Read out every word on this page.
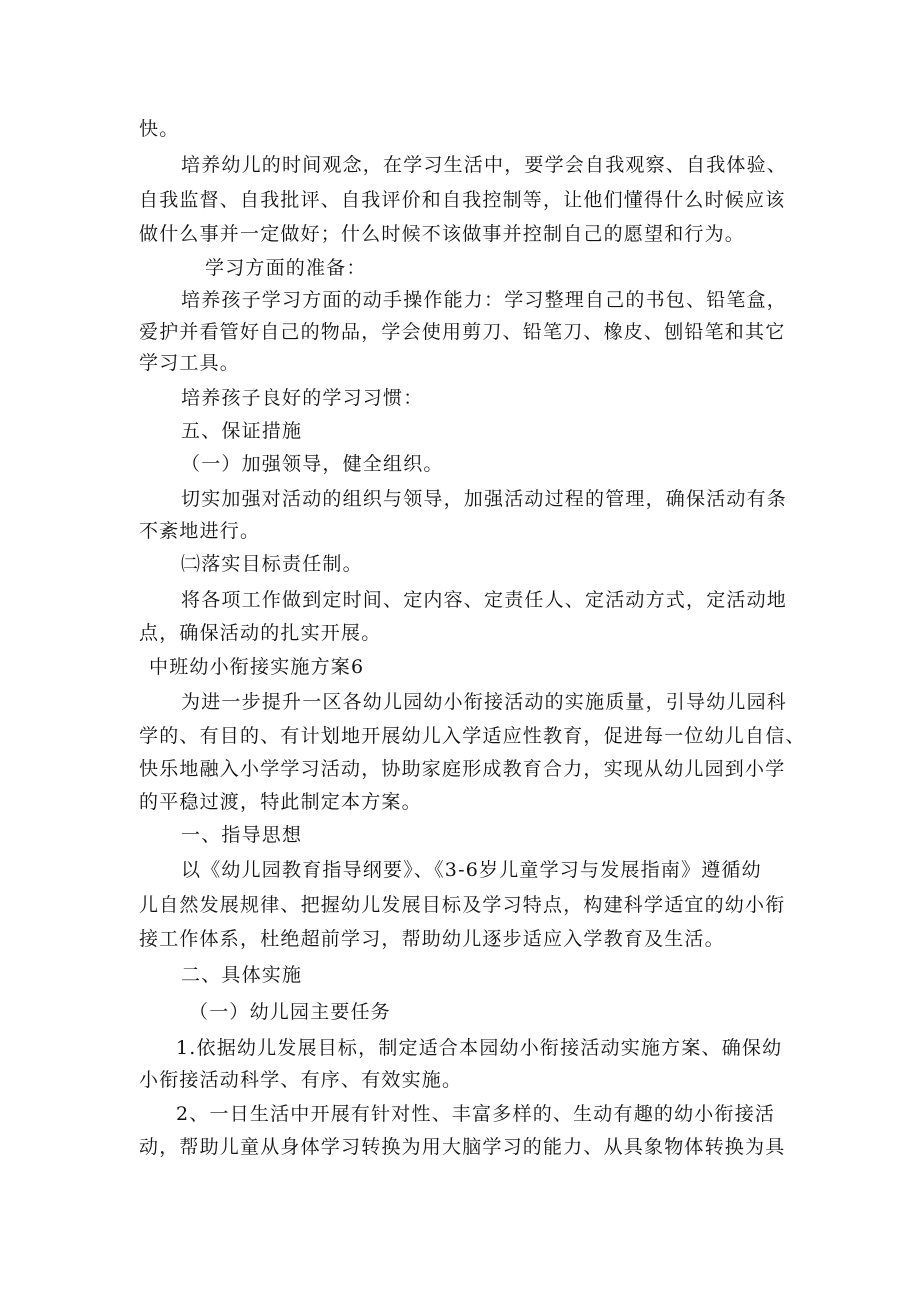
快。
培养幼儿的时间观念，在学习生活中，要学会自我观察、自我体验、
自我监督、自我批评、自我评价和自我控制等，让他们懂得什么时候应该
做什么事并一定做好；什么时候不该做事并控制自己的愿望和行为。
学习方面的准备：
培养孩子学习方面的动手操作能力：学习整理自己的书包、铅笔盒，
爱护并看管好自己的物品，学会使用剪刀、铅笔刀、橡皮、刨铅笔和其它
学习工具。
培养孩子良好的学习习惯：
五、保证措施
（一）加强领导，健全组织。
切实加强对活动的组织与领导，加强活动过程的管理，确保活动有条
不紊地进行。
㈡落实目标责任制。
将各项工作做到定时间、定内容、定责任人、定活动方式，定活动地
点，确保活动的扎实开展。
中班幼小衔接实施方案6
为进一步提升一区各幼儿园幼小衔接活动的实施质量，引导幼儿园科
学的、有目的、有计划地开展幼儿入学适应性教育，促进每一位幼儿自信、
快乐地融入小学学习活动，协助家庭形成教育合力，实现从幼儿园到小学
的平稳过渡，特此制定本方案。
一、指导思想
以《幼儿园教育指导纲要》、《3-6岁儿童学习与发展指南》遵循幼
儿自然发展规律、把握幼儿发展目标及学习特点，构建科学适宜的幼小衔
接工作体系，杜绝超前学习，帮助幼儿逐步适应入学教育及生活。
二、具体实施
（一）幼儿园主要任务
1.依据幼儿发展目标，制定适合本园幼小衔接活动实施方案、确保幼
小衔接活动科学、有序、有效实施。
2、一日生活中开展有针对性、丰富多样的、生动有趣的幼小衔接活
动，帮助儿童从身体学习转换为用大脑学习的能力、从具象物体转换为具
